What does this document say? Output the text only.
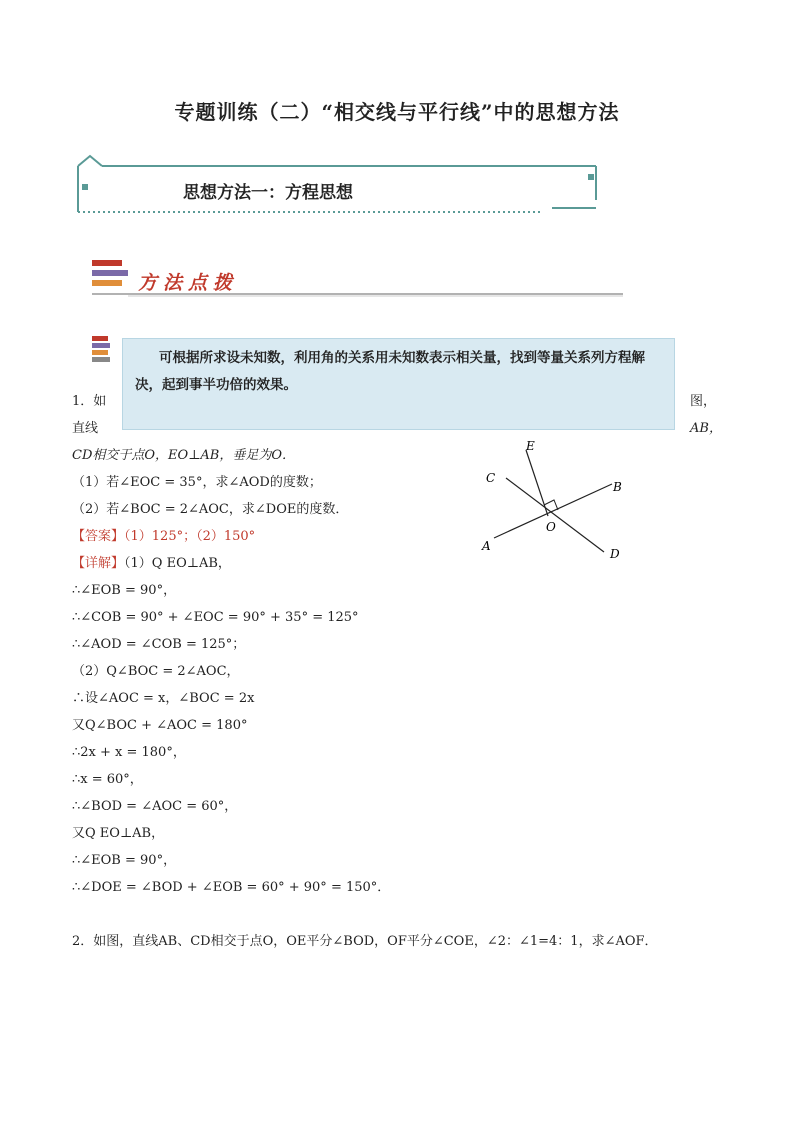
专题训练（二）“相交线与平行线”中的思想方法
思想方法一：方程思想
方法点拨
可根据所求设未知数，利用角的关系用未知数表示相关量，找到等量关系列方程解决，起到事半功倍的效果。
1．如	图，
直线	AB，
CD相交于点O，EO⊥AB，垂足为O．
（1）若∠EOC = 35°，求∠AOD的度数；
（2）若∠BOC = 2∠AOC，求∠DOE的度数．
【答案】（1）125°；（2）150°
【详解】（1）Q EO⊥AB，
∴∠EOB = 90°，
∴∠COB = 90° + ∠EOC = 90° + 35° = 125°
∴∠AOD = ∠COB = 125°；
（2）Q∠BOC = 2∠AOC，
∴设∠AOC = x，∠BOC = 2x
又Q∠BOC + ∠AOC = 180°
∴2x + x = 180°，
∴x = 60°，
∴∠BOD = ∠AOC = 60°，
又Q EO⊥AB，
∴∠EOB = 90°，
∴∠DOE = ∠BOD + ∠EOB = 60° + 90° = 150°．
E
C
B
O
A
D
2．如图，直线AB、CD相交于点O，OE平分∠BOD，OF平分∠COE，∠2：∠1=4：1，求∠AOF．
